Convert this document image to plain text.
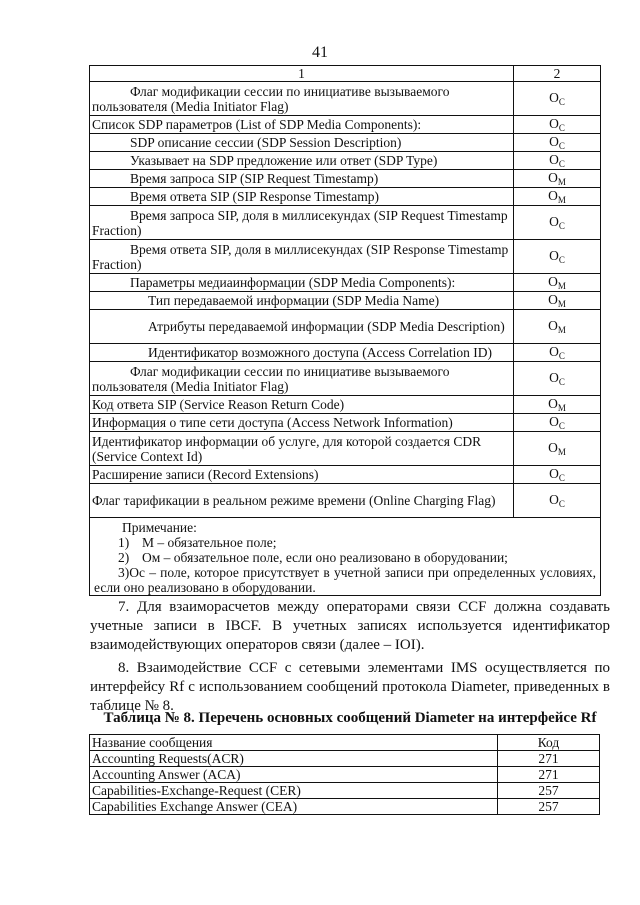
41
1	2
Флаг модификации сессии по инициативе вызываемого пользователя (Media Initiator Flag)	$O_C$
Список SDP параметров (List of SDP Media Components):	$O_C$
SDP описание сессии (SDP Session Description)	$O_C$
Указывает на SDP предложение или ответ (SDP Type)	$O_C$
Время запроса SIP (SIP Request Timestamp)	$O_M$
Время ответа SIP (SIP Response Timestamp)	$O_M$
Время запроса SIP, доля в миллисекундах (SIP Request Timestamp Fraction)	$O_C$
Время ответа SIP, доля в миллисекундах (SIP Response Timestamp Fraction)	$O_C$
Параметры медиаинформации (SDP Media Components):	$O_M$
Тип передаваемой информации (SDP Media Name)	$O_M$
Атрибуты передаваемой информации (SDP Media Description)	$O_M$
Идентификатор возможного доступа (Access Correlation ID)	$O_C$
Флаг модификации сессии по инициативе вызываемого пользователя (Media Initiator Flag)	$O_C$
Код ответа SIP (Service Reason Return Code)	$O_M$
Информация о типе сети доступа (Access Network Information)	$O_C$
Идентификатор информации об услуге, для которой создается CDR (Service Context Id)	$O_M$
Расширение записи (Record Extensions)	$O_C$
Флаг тарификации в реальном режиме времени (Online Charging Flag)	$O_C$

Примечание:
1) М – обязательное поле;
2) Ом – обязательное поле, если оно реализовано в оборудовании;
3)Ос – поле, которое присутствует в учетной записи при определенных условиях, если оно реализовано в оборудовании.	

7. Для взаиморасчетов между операторами связи CCF должна создавать учетные записи в IBCF. В учетных записях используется идентификатор взаимодействующих операторов связи (далее – IOI).

8. Взаимодействие CCF с сетевыми элементами IMS осуществляется по интерфейсу Rf с использованием сообщений протокола Diameter, приведенных в таблице № 8.

Таблица № 8. Перечень основных сообщений Diameter на интерфейсе Rf
Название сообщения	Код
Accounting Requests(ACR)	271
Accounting Answer (ACA)	271
Capabilities-Exchange-Request (CER)	257
Capabilities Exchange Answer (CEA)	257
